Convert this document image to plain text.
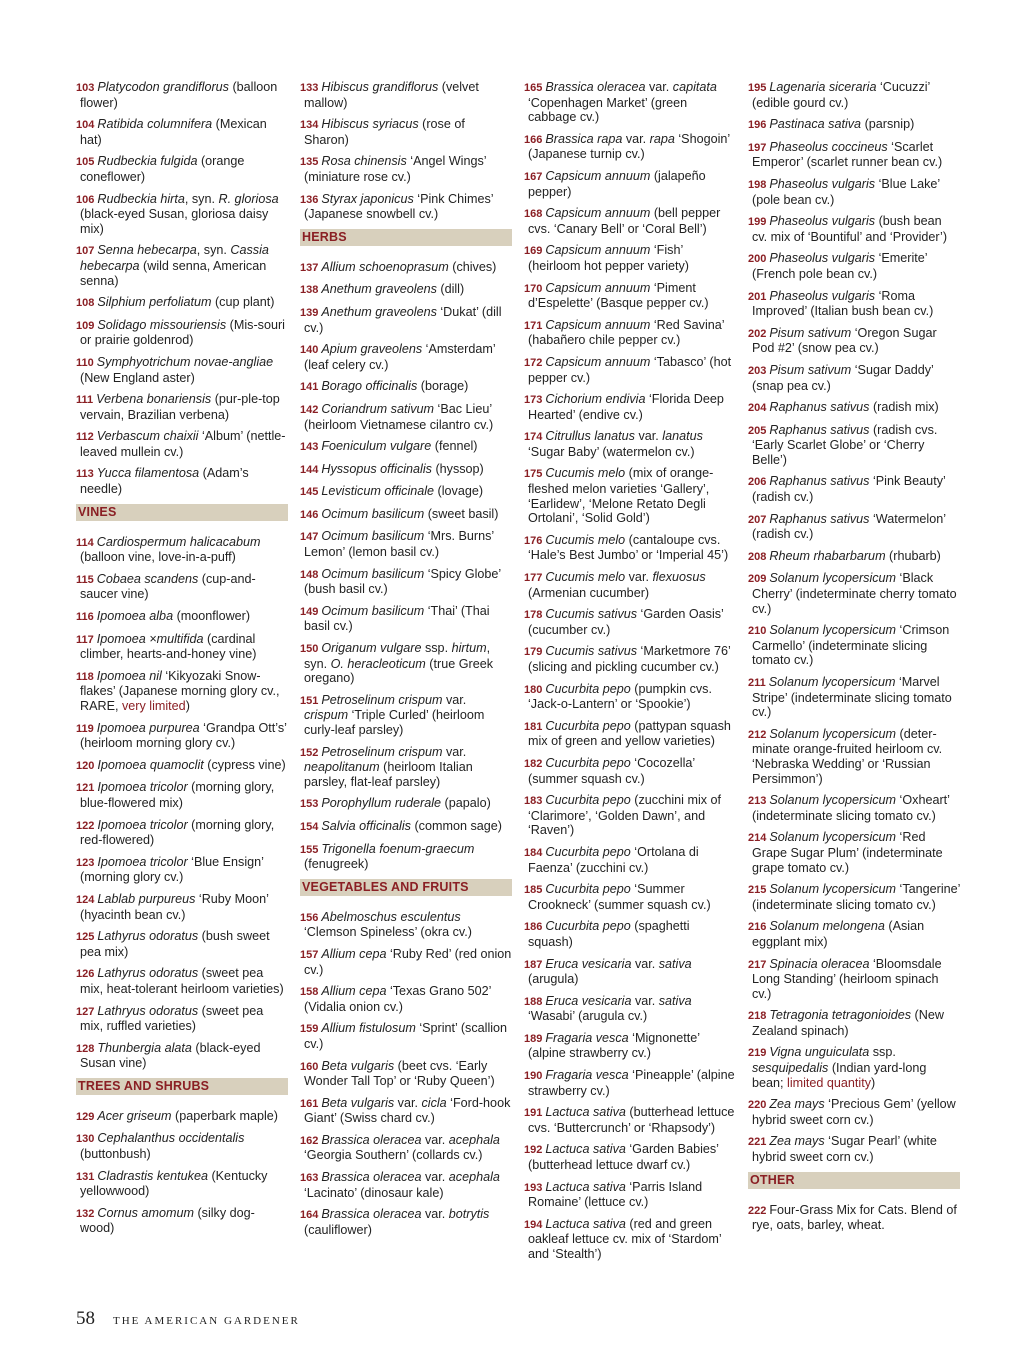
103 Platycodon grandiflorus (balloon flower)
104 Ratibida columnifera (Mexican hat)
105 Rudbeckia fulgida (orange coneflower)
106 Rudbeckia hirta, syn. R. gloriosa (black-eyed Susan, gloriosa daisy mix)
107 Senna hebecarpa, syn. Cassia hebecarpa (wild senna, American senna)
108 Silphium perfoliatum (cup plant)
109 Solidago missouriensis (Mis-souri or prairie goldenrod)
110 Symphyotrichum novae-angliae (New England aster)
111 Verbena bonariensis (pur-ple-top vervain, Brazilian verbena)
112 Verbascum chaixii ‘Album’ (nettle-leaved mullein cv.)
113 Yucca filamentosa (Adam’s needle)
VINES
114 Cardiospermum halicacabum (balloon vine, love-in-a-puff)
115 Cobaea scandens (cup-and-saucer vine)
116 Ipomoea alba (moonflower)
117 Ipomoea ×multifida (cardinal climber, hearts-and-honey vine)
118 Ipomoea nil ‘Kikyozaki Snow-flakes’ (Japanese morning glory cv., RARE, very limited)
119 Ipomoea purpurea ‘Grandpa Ott’s’ (heirloom morning glory cv.)
120 Ipomoea quamoclit (cypress vine)
121 Ipomoea tricolor (morning glory, blue-flowered mix)
122 Ipomoea tricolor (morning glory, red-flowered)
123 Ipomoea tricolor ‘Blue Ensign’ (morning glory cv.)
124 Lablab purpureus ‘Ruby Moon’ (hyacinth bean cv.)
125 Lathyrus odoratus (bush sweet pea mix)
126 Lathyrus odoratus (sweet pea mix, heat-tolerant heirloom varieties)
127 Lathryus odoratus (sweet pea mix, ruffled varieties)
128 Thunbergia alata (black-eyed Susan vine)
TREES AND SHRUBS
129 Acer griseum (paperbark maple)
130 Cephalanthus occidentalis (buttonbush)
131 Cladrastis kentukea (Kentucky yellowwood)
132 Cornus amomum (silky dog-wood)
133 Hibiscus grandiflorus (velvet mallow)
134 Hibiscus syriacus (rose of Sharon)
135 Rosa chinensis ‘Angel Wings’ (miniature rose cv.)
136 Styrax japonicus ‘Pink Chimes’ (Japanese snowbell cv.)
HERBS
137 Allium schoenoprasum (chives)
138 Anethum graveolens (dill)
139 Anethum graveolens ‘Dukat’ (dill cv.)
140 Apium graveolens ‘Amsterdam’ (leaf celery cv.)
141 Borago officinalis (borage)
142 Coriandrum sativum ‘Bac Lieu’ (heirloom Vietnamese cilantro cv.)
143 Foeniculum vulgare (fennel)
144 Hyssopus officinalis (hyssop)
145 Levisticum officinale (lovage)
146 Ocimum basilicum (sweet basil)
147 Ocimum basilicum ‘Mrs. Burns’ Lemon’ (lemon basil cv.)
148 Ocimum basilicum ‘Spicy Globe’ (bush basil cv.)
149 Ocimum basilicum ‘Thai’ (Thai basil cv.)
150 Origanum vulgare ssp. hirtum, syn. O. heracleoticum (true Greek oregano)
151 Petroselinum crispum var. crispum ‘Triple Curled’ (heirloom curly-leaf parsley)
152 Petroselinum crispum var. neapolitanum (heirloom Italian parsley, flat-leaf parsley)
153 Porophyllum ruderale (papalo)
154 Salvia officinalis (common sage)
155 Trigonella foenum-graecum (fenugreek)
VEGETABLES AND FRUITS
156 Abelmoschus esculentus ‘Clemson Spineless’ (okra cv.)
157 Allium cepa ‘Ruby Red’ (red onion cv.)
158 Allium cepa ‘Texas Grano 502’ (Vidalia onion cv.)
159 Allium fistulosum ‘Sprint’ (scallion cv.)
160 Beta vulgaris (beet cvs. ‘Early Wonder Tall Top’ or ‘Ruby Queen’)
161 Beta vulgaris var. cicla ‘Ford-hook Giant’ (Swiss chard cv.)
162 Brassica oleracea var. acephala ‘Georgia Southern’ (collards cv.)
163 Brassica oleracea var. acephala ‘Lacinato’ (dinosaur kale)
164 Brassica oleracea var. botrytis (cauliflower)
165 Brassica oleracea var. capitata ‘Copenhagen Market’ (green cabbage cv.)
166 Brassica rapa var. rapa ‘Shogoin’ (Japanese turnip cv.)
167 Capsicum annuum (jalapeño pepper)
168 Capsicum annuum (bell pepper cvs. ‘Canary Bell’ or ‘Coral Bell’)
169 Capsicum annuum ‘Fish’ (heirloom hot pepper variety)
170 Capsicum annuum ‘Piment d’Espelette’ (Basque pepper cv.)
171 Capsicum annuum ‘Red Savina’ (habañero chile pepper cv.)
172 Capsicum annuum ‘Tabasco’ (hot pepper cv.)
173 Cichorium endivia ‘Florida Deep Hearted’ (endive cv.)
174 Citrullus lanatus var. lanatus ‘Sugar Baby’ (watermelon cv.)
175 Cucumis melo (mix of orange-fleshed melon varieties ‘Gallery’, ‘Earlidew’, ‘Melone Retato Degli Ortolani’, ‘Solid Gold’)
176 Cucumis melo (cantaloupe cvs. ‘Hale’s Best Jumbo’ or ‘Imperial 45’)
177 Cucumis melo var. flexuosus (Armenian cucumber)
178 Cucumis sativus ‘Garden Oasis’ (cucumber cv.)
179 Cucumis sativus ‘Marketmore 76’ (slicing and pickling cucumber cv.)
180 Cucurbita pepo (pumpkin cvs. ‘Jack-o-Lantern’ or ‘Spookie’)
181 Cucurbita pepo (pattypan squash mix of green and yellow varieties)
182 Cucurbita pepo ‘Cocozella’ (summer squash cv.)
183 Cucurbita pepo (zucchini mix of ‘Clarimore’, ‘Golden Dawn’, and ‘Raven’)
184 Cucurbita pepo ‘Ortolana di Faenza’ (zucchini cv.)
185 Cucurbita pepo ‘Summer Crookneck’ (summer squash cv.)
186 Cucurbita pepo (spaghetti squash)
187 Eruca vesicaria var. sativa (arugula)
188 Eruca vesicaria var. sativa ‘Wasabi’ (arugula cv.)
189 Fragaria vesca ‘Mignonette’ (alpine strawberry cv.)
190 Fragaria vesca ‘Pineapple’ (alpine strawberry cv.)
191 Lactuca sativa (butterhead lettuce cvs. ‘Buttercrunch’ or ‘Rhapsody’)
192 Lactuca sativa ‘Garden Babies’ (butterhead lettuce dwarf cv.)
193 Lactuca sativa ‘Parris Island Romaine’ (lettuce cv.)
194 Lactuca sativa (red and green oakleaf lettuce cv. mix of ‘Stardom’ and ‘Stealth’)
195 Lagenaria siceraria ‘Cucuzzi’ (edible gourd cv.)
196 Pastinaca sativa (parsnip)
197 Phaseolus coccineus ‘Scarlet Emperor’ (scarlet runner bean cv.)
198 Phaseolus vulgaris ‘Blue Lake’ (pole bean cv.)
199 Phaseolus vulgaris (bush bean cv. mix of ‘Bountiful’ and ‘Provider’)
200 Phaseolus vulgaris ‘Emerite’ (French pole bean cv.)
201 Phaseolus vulgaris ‘Roma Improved’ (Italian bush bean cv.)
202 Pisum sativum ‘Oregon Sugar Pod #2’ (snow pea cv.)
203 Pisum sativum ‘Sugar Daddy’ (snap pea cv.)
204 Raphanus sativus (radish mix)
205 Raphanus sativus (radish cvs. ‘Early Scarlet Globe’ or ‘Cherry Belle’)
206 Raphanus sativus ‘Pink Beauty’ (radish cv.)
207 Raphanus sativus ‘Watermelon’ (radish cv.)
208 Rheum rhabarbarum (rhubarb)
209 Solanum lycopersicum ‘Black Cherry’ (indeterminate cherry tomato cv.)
210 Solanum lycopersicum ‘Crimson Carmello’ (indeterminate slicing tomato cv.)
211 Solanum lycopersicum ‘Marvel Stripe’ (indeterminate slicing tomato cv.)
212 Solanum lycopersicum (deter-minate orange-fruited heirloom cv. ‘Nebraska Wedding’ or ‘Russian Persimmon’)
213 Solanum lycopersicum ‘Oxheart’ (indeterminate slicing tomato cv.)
214 Solanum lycopersicum ‘Red Grape Sugar Plum’ (indeterminate grape tomato cv.)
215 Solanum lycopersicum ‘Tangerine’ (indeterminate slicing tomato cv.)
216 Solanum melongena (Asian eggplant mix)
217 Spinacia oleracea ‘Bloomsdale Long Standing’ (heirloom spinach cv.)
218 Tetragonia tetragonioides (New Zealand spinach)
219 Vigna unguiculata ssp. sesquipedalis (Indian yard-long bean; limited quantity)
220 Zea mays ‘Precious Gem’ (yellow hybrid sweet corn cv.)
221 Zea mays ‘Sugar Pearl’ (white hybrid sweet corn cv.)
OTHER
222 Four-Grass Mix for Cats. Blend of rye, oats, barley, wheat.
58 THE AMERICAN GARDENER
